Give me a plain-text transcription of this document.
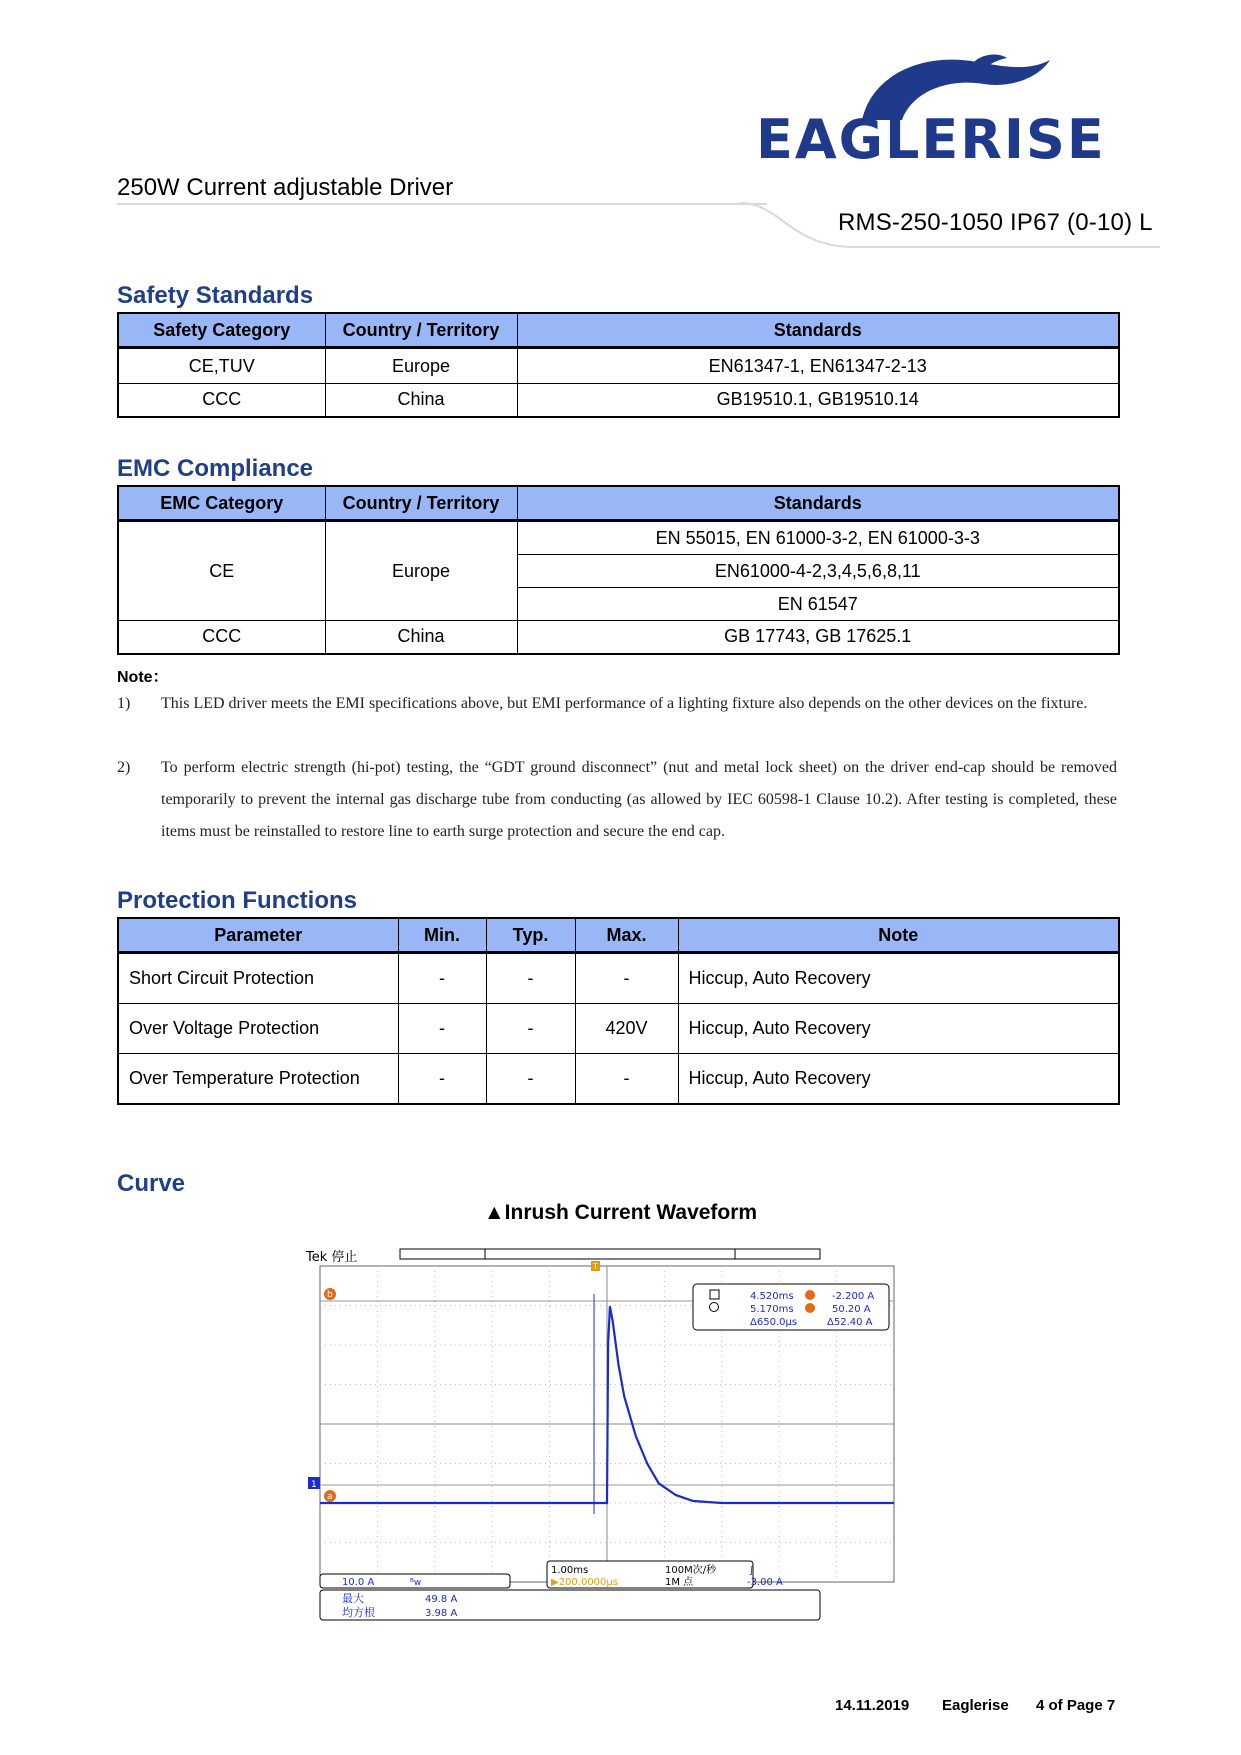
EAGLERISE
250W Current adjustable Driver
RMS-250-1050 IP67 (0-10) L
Safety Standards
Safety Category	Country / Territory	Standards
CE,TUV	Europe	EN61347-1, EN61347-2-13
CCC	China	GB19510.1, GB19510.14
EMC Compliance
EMC Category	Country / Territory	Standards
CE	Europe	EN 55015, EN 61000-3-2, EN 61000-3-3
		EN61000-4-2,3,4,5,6,8,11
		EN 61547
CCC	China	GB 17743, GB 17625.1
Note：
1) This LED driver meets the EMI specifications above, but EMI performance of a lighting fixture also depends on the other devices on the fixture.
2) To perform electric strength (hi-pot) testing, the “GDT ground disconnect” (nut and metal lock sheet) on the driver end-cap should be removed temporarily to prevent the internal gas discharge tube from conducting (as allowed by IEC 60598-1 Clause 10.2). After testing is completed, these items must be reinstalled to restore line to earth surge protection and secure the end cap.
Protection Functions
Parameter	Min.	Typ.	Max.	Note
Short Circuit Protection	-	-	-	Hiccup, Auto Recovery
Over Voltage Protection	-	-	420V	Hiccup, Auto Recovery
Over Temperature Protection	-	-	-	Hiccup, Auto Recovery
Curve
▲Inrush Current Waveform
Tek 停止
T
b
a
1
4.520ms
5.170ms
Δ650.0μs
-2.200 A
50.20 A
Δ52.40 A
10.0 A	ᴮw
1.00ms
▶200.0000μs
100M次/秒
1M 点
∫
-3.00 A
最大	49.8 A
均方根	3.98 A
14.11.2019 Eaglerise 4 of Page 7
